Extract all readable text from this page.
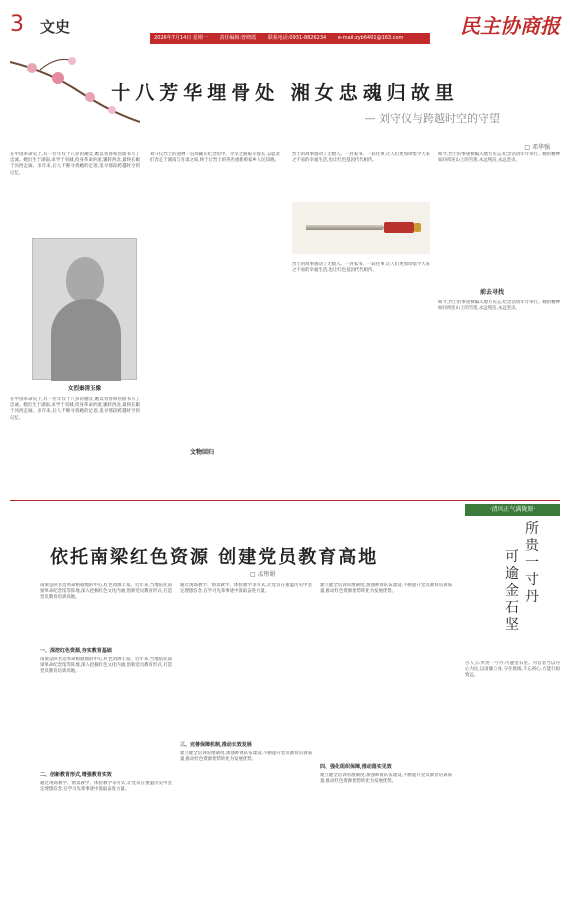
3 文史
2026年7月14日 星期一 责任编辑:曾晓霞 联系电话:0931-8826234 e-mail:zyb6401@163.com	民主协商报
十八芳华埋骨处 湘女忠魂归故里
— 刘守仪与跨越时空的守望
□ 邓华强
在中国革命史上,有一位年仅十八岁的湘女,她以青春和热血书写了忠诚。她出生于湖南,求学于省城,投身革命洪流,辗转西北,最终长眠于河西走廊。多年来,后人不断寻找她的足迹,追寻那段跨越时空的记忆。
女烈秦清玉像
在中国革命史上,有一位年仅十八岁的湘女,她以青春和热血书写了忠诚。她出生于湖南,求学于省城,投身革命洪流,辗转西北,最终长眠于河西走廊。多年来,后人不断寻找她的足迹,追寻那段跨越时空的记忆。
刘守仪烈士的遗物一直珍藏在纪念馆中。寻亲之路艰辛漫长,志愿者们奔走于湖南与甘肃之间,终于让烈士的英名重新被家乡人民知晓。
文物回归
烈士的故事感动了无数人。一封家书、一段往事,让人们更加珍惜今天来之不易的幸福生活,也让红色基因代代相传。
烈士的故事感动了无数人。一封家书、一段往事,让人们更加珍惜今天来之不易的幸福生活,也让红色基因代代相传。
如今,烈士的事迹被编入地方史志,纪念活动年年举行。她的精神如同祁连山上的雪莲,永远纯洁,永远坚贞。
前去寻找
如今,烈士的事迹被编入地方史志,纪念活动年年举行。她的精神如同祁连山上的雪莲,永远纯洁,永远坚贞。
依托南梁红色资源 创建党员教育高地
□ 孟彤娟
南梁是陕甘边革命根据地的中心,红色资源丰富。近年来,当地依托南梁革命纪念馆等阵地,深入挖掘红色文化内涵,创新党员教育形式,打造党员教育培训高地。
一、深挖红色资源,夯实教育基础
南梁是陕甘边革命根据地的中心,红色资源丰富。近年来,当地依托南梁革命纪念馆等阵地,深入挖掘红色文化内涵,创新党员教育形式,打造党员教育培训高地。
二、创新教育形式,增强教育实效
通过现场教学、情景教学、体验教学等方式,让党员在重温历史中坚定理想信念,在学习先辈事迹中汲取奋进力量。
通过现场教学、情景教学、体验教学等方式,让党员在重温历史中坚定理想信念,在学习先辈事迹中汲取奋进力量。
三、完善保障机制,推动长效发展
建立健全培训管理制度,加强师资队伍建设,不断提升党员教育培训质量,推动红色资源优势转化为发展优势。
建立健全培训管理制度,加强师资队伍建设,不断提升党员教育培训质量,推动红色资源优势转化为发展优势。
四、强化组织保障,推动落实见效
建立健全培训管理制度,加强师资队伍建设,不断提升党员教育培训质量,推动红色资源优势转化为发展优势。
·清风正气满陇原·
所贵一寸丹
可逾金石坚
古人云:所贵一寸丹,可逾金石坚。为官者当以丹心为民,以清廉立身,守住底线,不忘初心,方能行稳致远。
